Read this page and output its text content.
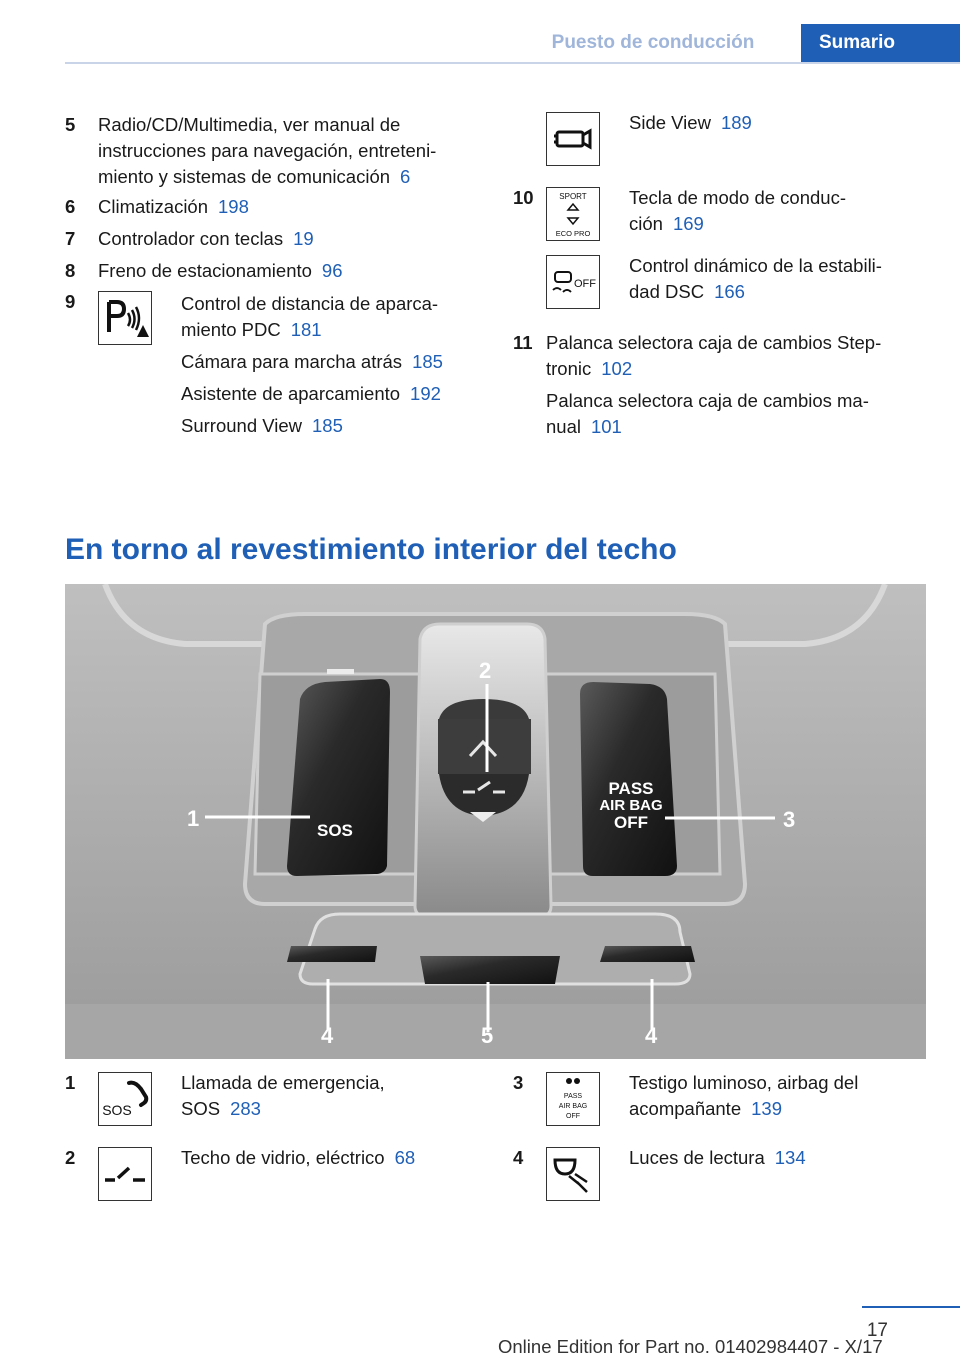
Puesto de conducción	Sumario
5 Radio/CD/Multimedia, ver manual de
instrucciones para navegación, entreteni-
miento y sistemas de comunicación 6
6 Climatización 198
7 Controlador con teclas 19
8 Freno de estacionamiento 96
9	Control de distancia de aparca-
miento PDC 181
Cámara para marcha atrás 185
Asistente de aparcamiento 192
Surround View 185
Side View 189
10	SPORT
ECO PRO
Tecla de modo de conduc-
ción 169
OFF
Control dinámico de la estabili-
dad DSC 166
11 Palanca selectora caja de cambios Step-
tronic 102
Palanca selectora caja de cambios ma-
nual 101
En torno al revestimiento interior del techo
1
2
3
4	5	4
SOS
PASS
AIR BAG
OFF
1
SOS
Llamada de emergencia,
SOS 283
2	Techo de vidrio, eléctrico 68
3
PASS
AIR BAG
OFF
Testigo luminoso, airbag del
acompañante 139
4	Luces de lectura 134
17
Online Edition for Part no. 01402984407 - X/17
